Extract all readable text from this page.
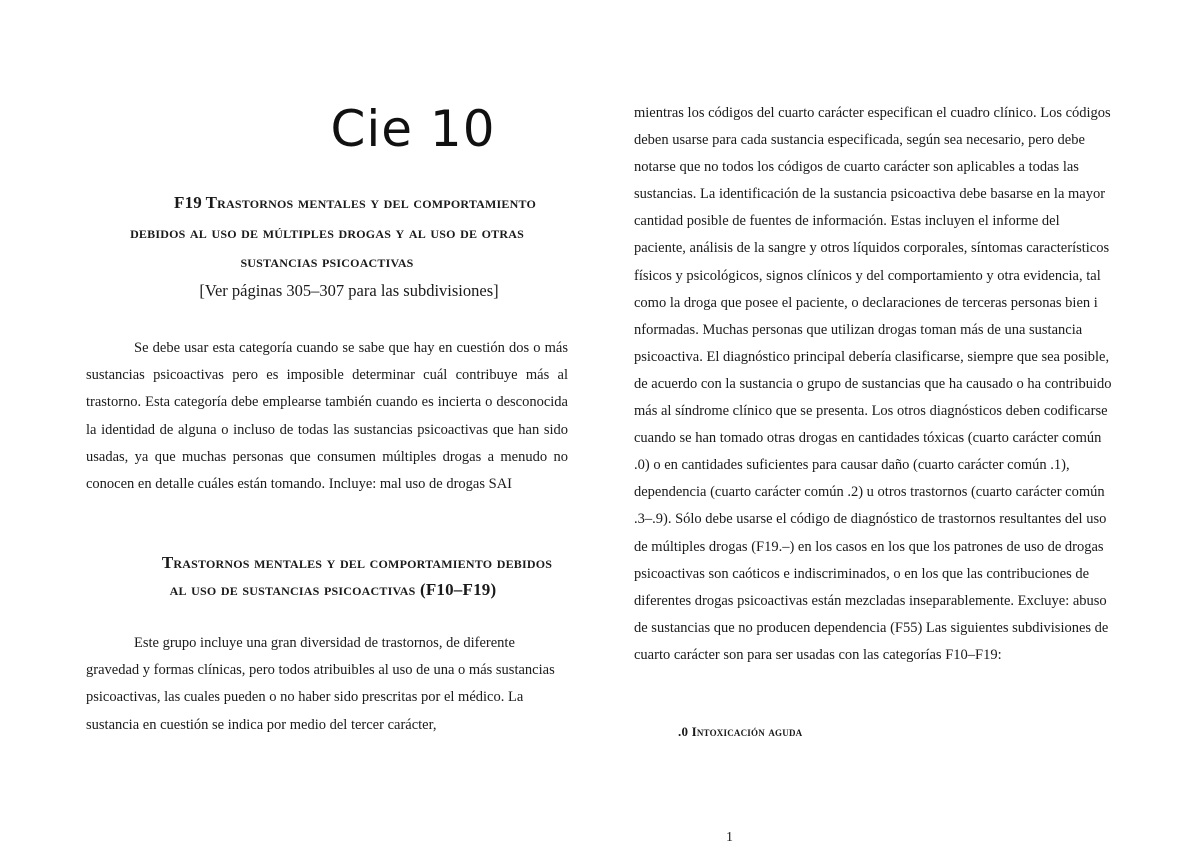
Cie 10
F19 Trastornos mentales y del comportamiento
debidos al uso de múltiples drogas y al uso de otras
sustancias psicoactivas
[Ver páginas 305–307 para las subdivisiones]

Se debe usar esta categoría cuando se sabe que hay en cuestión dos o más sustancias psicoactivas pero es imposible determinar cuál contribuye más al trastorno. Esta categoría debe emplearse también cuando es incierta o desconocida la identidad de alguna o incluso de todas las sustancias psicoactivas que han sido usadas, ya que muchas personas que consumen múltiples drogas a menudo no conocen en detalle cuáles están tomando. Incluye: mal uso de drogas SAI

Trastornos mentales y del comportamiento debidos
al uso de sustancias psicoactivas (F10–F19)

Este grupo incluye una gran diversidad de trastornos, de diferente gravedad y formas clínicas, pero todos atribuibles al uso de una o más sustancias psicoactivas, las cuales pueden o no haber sido prescritas por el médico. La sustancia en cuestión se indica por medio del tercer carácter,

mientras los códigos del cuarto carácter especifican el cuadro clínico. Los códigos deben usarse para cada sustancia especificada, según sea necesario, pero debe notarse que no todos los códigos de cuarto carácter son aplicables a todas las sustancias. La identificación de la sustancia psicoactiva debe basarse en la mayor cantidad posible de fuentes de información. Estas incluyen el informe del paciente, análisis de la sangre y otros líquidos corporales, síntomas característicos físicos y psicológicos, signos clínicos y del comportamiento y otra evidencia, tal como la droga que posee el paciente, o declaraciones de terceras personas bien i nformadas. Muchas personas que utilizan drogas toman más de una sustancia psicoactiva. El diagnóstico principal debería clasificarse, siempre que sea posible, de acuerdo con la sustancia o grupo de sustancias que ha causado o ha contribuido más al síndrome clínico que se presenta. Los otros diagnósticos deben codificarse cuando se han tomado otras drogas en cantidades tóxicas (cuarto carácter común .0) o en cantidades suficientes para causar daño (cuarto carácter común .1), dependencia (cuarto carácter común .2) u otros trastornos (cuarto carácter común .3–.9). Sólo debe usarse el código de diagnóstico de trastornos resultantes del uso de múltiples drogas (F19.–) en los casos en los que los patrones de uso de drogas psicoactivas son caóticos e indiscriminados, o en los que las contribuciones de diferentes drogas psicoactivas están mezcladas inseparablemente. Excluye: abuso de sustancias que no producen dependencia (F55) Las siguientes subdivisiones de cuarto carácter son para ser usadas con las categorías F10–F19:

.0 Intoxicación aguda
1
